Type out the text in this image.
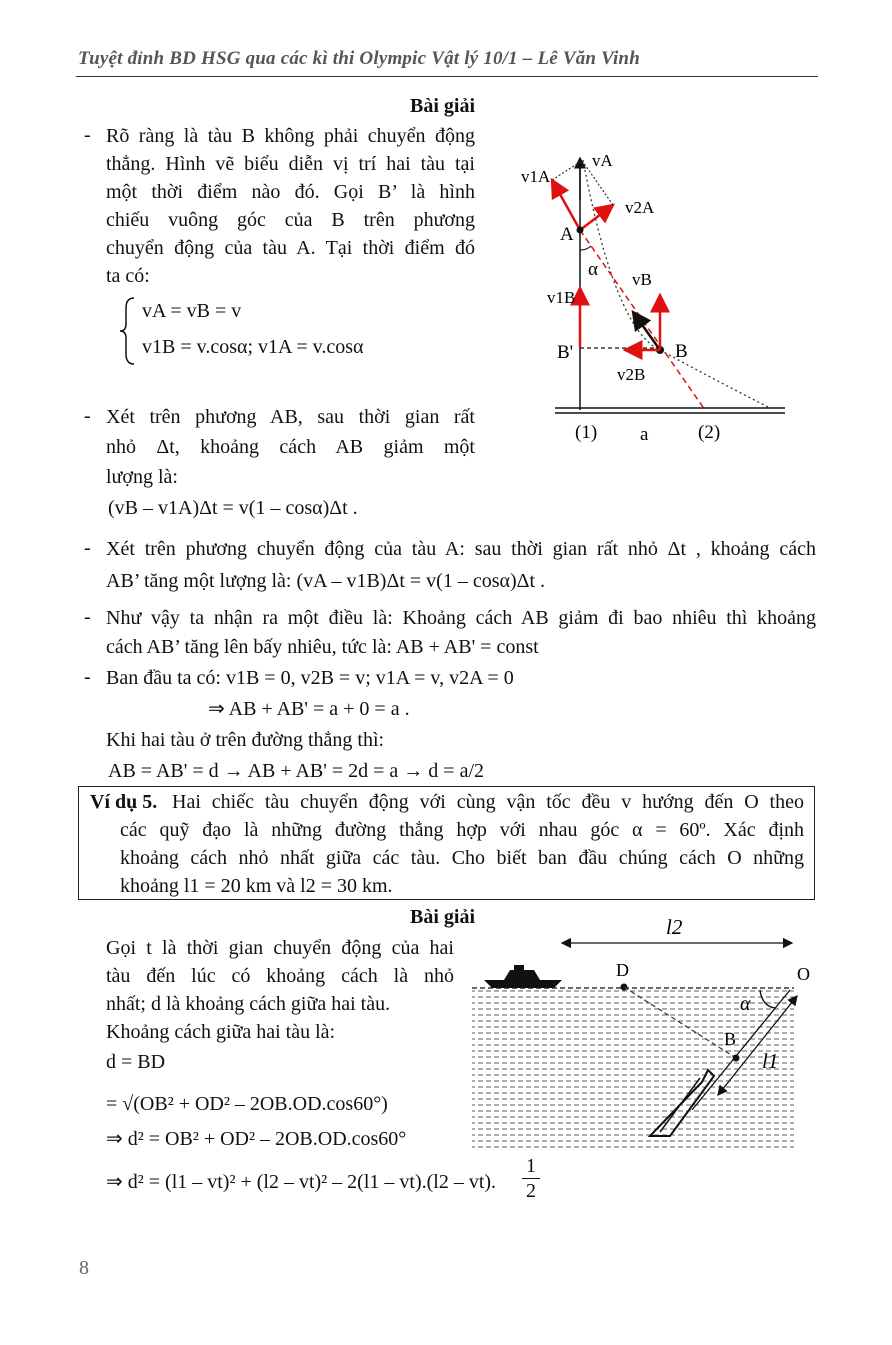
Tuyệt đỉnh BD HSG qua các kì thi Olympic Vật lý 10/1 – Lê Văn Vinh
Bài giải
- Rõ ràng là tàu B không phải chuyển động
thẳng. Hình vẽ biểu diễn vị trí hai tàu tại
một thời điểm nào đó. Gọi B’ là hình
chiếu vuông góc của B trên phương
chuyển động của tàu A. Tại thời điểm đó
ta có:
vA = vB = v
v1B = v.cosα; v1A = v.cosα
- Xét trên phương AB, sau thời gian rất
nhỏ Δt, khoảng cách AB giảm một
lượng là:
(vB – v1A)Δt = v(1 – cosα)Δt .
- Xét trên phương chuyển động của tàu A: sau thời gian rất nhỏ Δt , khoảng cách
AB’ tăng một lượng là: (vA – v1B)Δt = v(1 – cosα)Δt .
- Như vậy ta nhận ra một điều là: Khoảng cách AB giảm đi bao nhiêu thì khoảng
cách AB’ tăng lên bấy nhiêu, tức là: AB + AB' = const
- Ban đầu ta có: v1B = 0, v2B = v; v1A = v, v2A = 0
⇒ AB + AB' = a + 0 = a .
Khi hai tàu ở trên đường thẳng thì:
AB = AB' = d → AB + AB' = 2d = a → d = a/2
v1A
vA
v2A
A
α vB
v1B
B'	B
v2B
(1) a	(2)
Ví dụ 5. Hai chiếc tàu chuyển động với cùng vận tốc đều v hướng đến O theo
các quỹ đạo là những đường thẳng hợp với nhau góc α = 60º. Xác định
khoảng cách nhỏ nhất giữa các tàu. Cho biết ban đầu chúng cách O những
khoảng l1 = 20 km và l2 = 30 km.
Bài giải
Gọi t là thời gian chuyển động của hai
tàu đến lúc có khoảng cách là nhỏ
nhất; d là khoảng cách giữa hai tàu.
Khoảng cách giữa hai tàu là:
d = BD
= √(OB² + OD² – 2OB.OD.cos60°)
⇒ d² = OB² + OD² – 2OB.OD.cos60°
⇒ d² = (l1 – vt)² + (l2 – vt)² – 2(l1 – vt).(l2 – vt).
1
2
l2
D	O
α
B
l1
8
